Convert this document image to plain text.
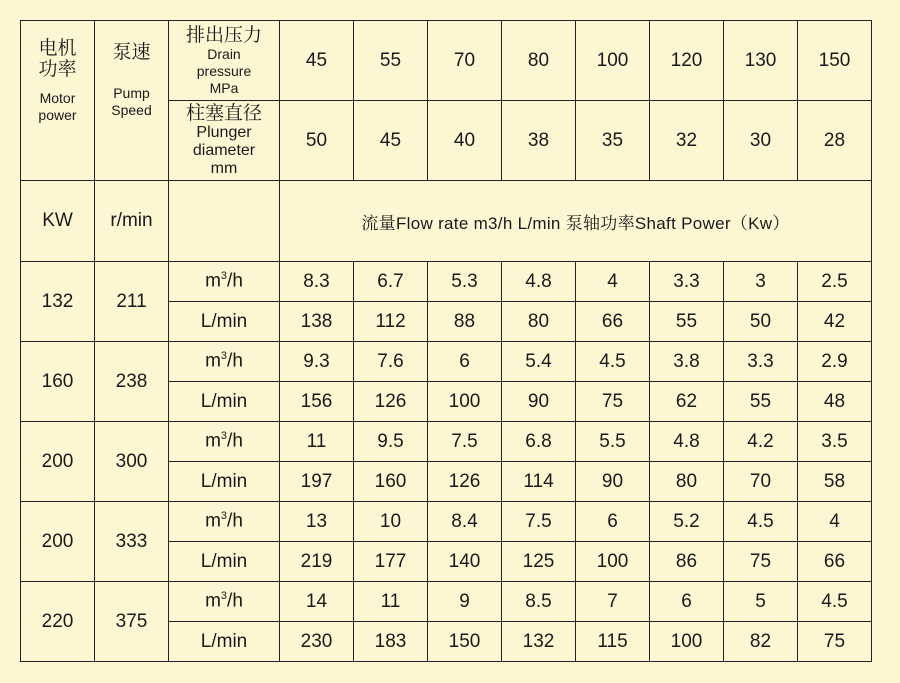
电机
功率
Motor
power	泵速
Pump
Speed	排出压力
Drain
pressure
MPa	45	55	70	80	100	120	130	150

		柱塞直径
Plunger
diameter
mm	50	45	40	38	35	32	30	28
KW	r/min		流量Flow rate m3/h L/min 泵轴功率Shaft Power（Kw）							
132	211	$m^3/h$	8.3	6.7	5.3	4.8	4	3.3	3	2.5
		L/min	138	112	88	80	66	55	50	42
160	238	$m^3/h$	9.3	7.6	6	5.4	4.5	3.8	3.3	2.9
		L/min	156	126	100	90	75	62	55	48
200	300	$m^3/h$	11	9.5	7.5	6.8	5.5	4.8	4.2	3.5
		L/min	197	160	126	114	90	80	70	58
200	333	$m^3/h$	13	10	8.4	7.5	6	5.2	4.5	4
		L/min	219	177	140	125	100	86	75	66
220	375	$m^3/h$	14	11	9	8.5	7	6	5	4.5
		L/min	230	183	150	132	115	100	82	75
